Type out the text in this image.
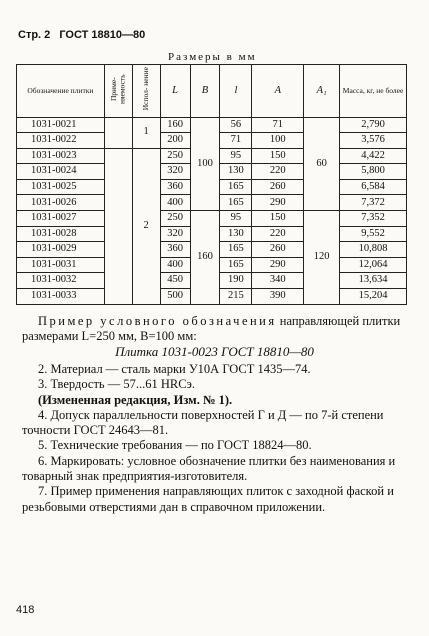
Стр. 2 ГОСТ 18810—80
Размеры в мм
Обозначение плитки	Приме- няемость	Испол- нение	L	B	l	A	A₁	Масса, кг, не более
1031-0021		1	160	100	56	71	60	2,790
1031-0022			200		71	100		3,576
1031-0023		2	250		95	150		4,422
1031-0024			320		130	220		5,800
1031-0025			360		165	260		6,584
1031-0026			400		165	290		7,372
1031-0027			250	160	95	150	120	7,352
1031-0028			320		130	220		9,552
1031-0029			360		165	260		10,808
1031-0031			400		165	290		12,064
1031-0032			450		190	340		13,634
1031-0033			500		215	390		15,204
Пример условного обозначения направляющей плитки размерами L=250 мм, B=100 мм:
Плитка 1031-0023 ГОСТ 18810—80
2. Материал — сталь марки У10А ГОСТ 1435—74.
3. Твердость — 57...61 HRCэ.
(Измененная редакция, Изм. № 1).
4. Допуск параллельности поверхностей Г и Д — по 7-й степени точности ГОСТ 24643—81.
5. Технические требования — по ГОСТ 18824—80.
6. Маркировать: условное обозначение плитки без наименования и товарный знак предприятия-изготовителя.
7. Пример применения направляющих плиток с заходной фаской и резьбовыми отверстиями дан в справочном приложении.
418
